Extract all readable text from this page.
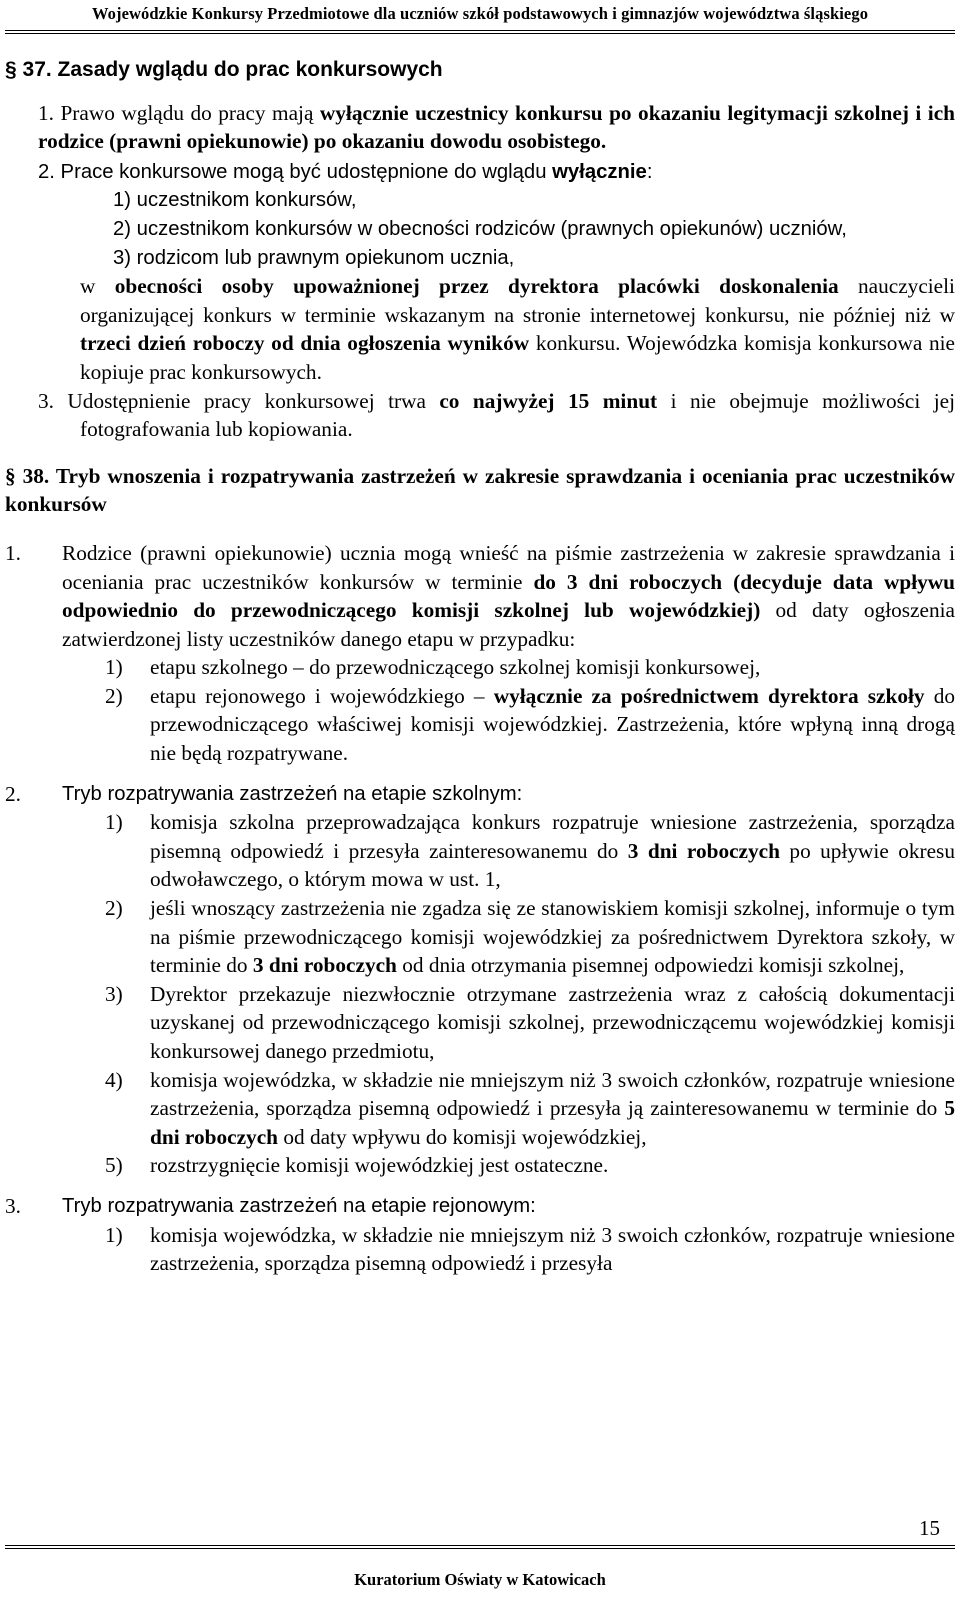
Wojewódzkie Konkursy Przedmiotowe dla uczniów szkół podstawowych i gimnazjów województwa śląskiego
§ 37. Zasady wglądu do prac konkursowych

1. Prawo wglądu do pracy mają wyłącznie uczestnicy konkursu po okazaniu legitymacji szkolnej i ich rodzice (prawni opiekunowie) po okazaniu dowodu osobistego.

2. Prace konkursowe mogą być udostępnione do wglądu wyłącznie:

1) uczestnikom konkursów,
2) uczestnikom konkursów w obecności rodziców (prawnych opiekunów) uczniów,
3) rodzicom lub prawnym opiekunom ucznia,

w obecności osoby upoważnionej przez dyrektora placówki doskonalenia nauczycieli organizującej konkurs w terminie wskazanym na stronie internetowej konkursu, nie później niż w trzeci dzień roboczy od dnia ogłoszenia wyników konkursu. Wojewódzka komisja konkursowa nie kopiuje prac konkursowych.

3. Udostępnienie pracy konkursowej trwa co najwyżej 15 minut i nie obejmuje możliwości jej fotografowania lub kopiowania.

§ 38. Tryb wnoszenia i rozpatrywania zastrzeżeń w zakresie sprawdzania i oceniania prac uczestników konkursów
1.	Rodzice (prawni opiekunowie) ucznia mogą wnieść na piśmie zastrzeżenia w zakresie sprawdzania i oceniania prac uczestników konkursów w terminie do 3 dni roboczych (decyduje data wpływu odpowiednio do przewodniczącego komisji szkolnej lub wojewódzkiej) od daty ogłoszenia zatwierdzonej listy uczestników danego etapu w przypadku:
1)	etapu szkolnego – do przewodniczącego szkolnej komisji konkursowej,
2)	etapu rejonowego i wojewódzkiego – wyłącznie za pośrednictwem dyrektora szkoły do przewodniczącego właściwej komisji wojewódzkiej. Zastrzeżenia, które wpłyną inną drogą nie będą rozpatrywane.
2.	Tryb rozpatrywania zastrzeżeń na etapie szkolnym:
1)	komisja szkolna przeprowadzająca konkurs rozpatruje wniesione zastrzeżenia, sporządza pisemną odpowiedź i przesyła zainteresowanemu do 3 dni roboczych po upływie okresu odwoławczego, o którym mowa w ust. 1,
2)	jeśli wnoszący zastrzeżenia nie zgadza się ze stanowiskiem komisji szkolnej, informuje o tym na piśmie przewodniczącego komisji wojewódzkiej za pośrednictwem Dyrektora szkoły, w terminie do 3 dni roboczych od dnia otrzymania pisemnej odpowiedzi komisji szkolnej,
3)	Dyrektor przekazuje niezwłocznie otrzymane zastrzeżenia wraz z całością dokumentacji uzyskanej od przewodniczącego komisji szkolnej, przewodniczącemu wojewódzkiej komisji konkursowej danego przedmiotu,
4)	komisja wojewódzka, w składzie nie mniejszym niż 3 swoich członków, rozpatruje wniesione zastrzeżenia, sporządza pisemną odpowiedź i przesyła ją zainteresowanemu w terminie do 5 dni roboczych od daty wpływu do komisji wojewódzkiej,
5)	rozstrzygnięcie komisji wojewódzkiej jest ostateczne.
3.	Tryb rozpatrywania zastrzeżeń na etapie rejonowym:
1)	komisja wojewódzka, w składzie nie mniejszym niż 3 swoich członków, rozpatruje wniesione zastrzeżenia, sporządza pisemną odpowiedź i przesyła
15
Kuratorium Oświaty w Katowicach
